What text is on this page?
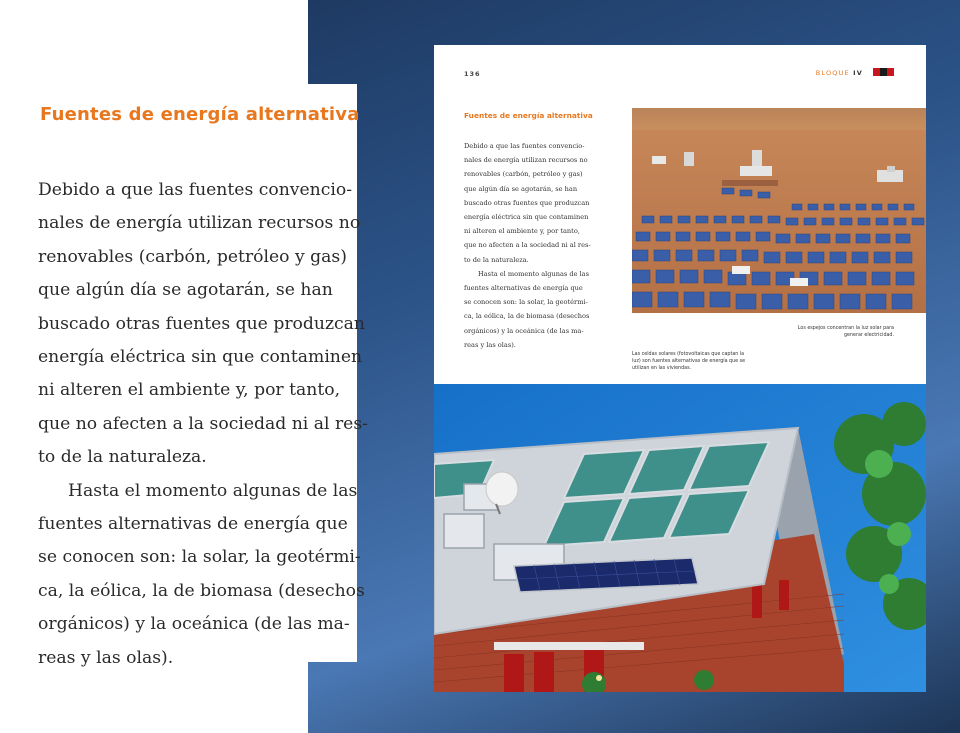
Fuentes de energía alternativa
Debido a que las fuentes convencio-
nales de energía utilizan recursos no
renovables (carbón, petróleo y gas)
que algún día se agotarán, se han
buscado otras fuentes que produzcan
energía eléctrica sin que contaminen
ni alteren el ambiente y, por tanto,
que no afecten a la sociedad ni al res-
to de la naturaleza.
Hasta el momento algunas de las
fuentes alternativas de energía que
se conocen son: la solar, la geotérmi-
ca, la eólica, la de biomasa (desechos
orgánicos) y la oceánica (de las ma-
reas y las olas).
136	BLOQUE IV
Fuentes de energía alternativa
Debido a que las fuentes convencio-
nales de energía utilizan recursos no
renovables (carbón, petróleo y gas)
que algún día se agotarán, se han
buscado otras fuentes que produzcan
energía eléctrica sin que contaminen
ni alteren el ambiente y, por tanto,
que no afecten a la sociedad ni al res-
to de la naturaleza.
Hasta el momento algunas de las
fuentes alternativas de energía que
se conocen son: la solar, la geotérmi-
ca, la eólica, la de biomasa (desechos
orgánicos) y la oceánica (de las ma-
reas y las olas).
Los espejos concentran la luz solar para
generar electricidad.
Las celdas solares (fotovoltaicas que captan la
luz) son fuentes alternativas de energía que se
utilizan en las viviendas.
